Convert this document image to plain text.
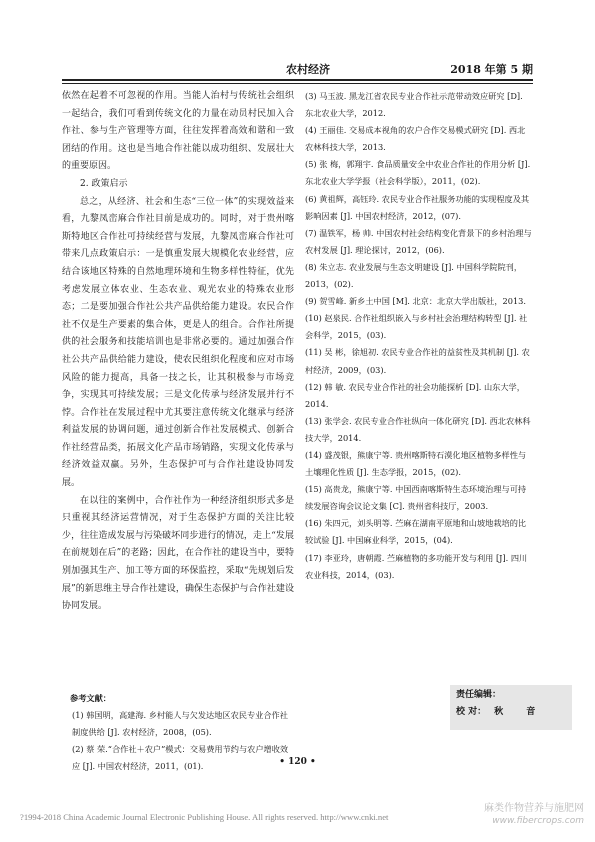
农村经济	2018 年第 5 期

依然在起着不可忽视的作用。当能人治村与传统社会组织一起结合，我们可看到传统文化的力量在动员村民加入合作社、参与生产管理等方面，往往发挥着高效和谐和一致团结的作用。这也是当地合作社能以成功组织、发展壮大的重要原因。

2. 政策启示

总之，从经济、社会和生态“三位一体”的实现效益来看，九黎凤峦麻合作社目前是成功的。同时，对于贵州喀斯特地区合作社可持续经营与发展，九黎凤峦麻合作社可带来几点政策启示：一是慎重发展大规模化农业经营，应结合该地区特殊的自然地理环境和生物多样性特征，优先考虑发展立体农业、生态农业、观光农业的特殊农业形态；二是要加强合作社公共产品供给能力建设。农民合作社不仅是生产要素的集合体，更是人的组合。合作社所提供的社会服务和技能培训也是非常必要的。通过加强合作社公共产品供给能力建设，使农民组织化程度和应对市场风险的能力提高，具备一技之长，让其积极参与市场竞争，实现其可持续发展；三是文化传承与经济发展并行不悖。合作社在发展过程中尤其要注意传统文化继承与经济利益发展的协调问题，通过创新合作社发展模式、创新合作社经营品类，拓展文化产品市场销路，实现文化传承与经济效益双赢。另外，生态保护可与合作社建设协同发展。

在以往的案例中，合作社作为一种经济组织形式多是只重视其经济运营情况，对于生态保护方面的关注比较少，往往造成发展与污染破坏同步进行的情况，走上“发展在前规划在后”的老路；因此，在合作社的建设当中，要特别加强其生产、加工等方面的环保监控，采取“先规划后发展”的新思维主导合作社建设，确保生态保护与合作社建设协同发展。

参考文献：

(1) 韩国明，高建海. 乡村能人与欠发达地区农民专业合作社制度供给 [J]. 农村经济，2008，(05).

(2) 蔡 荣.“合作社＋农户”模式：交易费用节约与农户增收效应 [J]. 中国农村经济，2011，(01).

(3) 马玉波. 黑龙江省农民专业合作社示范带动效应研究 [D]. 东北农业大学，2012.

(4) 王丽佳. 交易成本视角的农户合作交易模式研究 [D]. 西北农林科技大学，2013.

(5) 张 梅，郭翔宇. 食品质量安全中农业合作社的作用分析 [J]. 东北农业大学学报（社会科学版），2011，(02).

(6) 黄祖辉，高钰玲. 农民专业合作社服务功能的实现程度及其影响因素 [J]. 中国农村经济，2012，(07).

(7) 温铁军，杨 帅. 中国农村社会结构变化背景下的乡村治理与农村发展 [J]. 理论探讨，2012，(06).

(8) 朱立志. 农业发展与生态文明建设 [J]. 中国科学院院刊，2013，(02).

(9) 贺雪峰. 新乡土中国 [M]. 北京：北京大学出版社，2013.

(10) 赵泉民. 合作社组织嵌入与乡村社会治理结构转型 [J]. 社会科学，2015，(03).

(11) 吴 彬，徐旭初. 农民专业合作社的益贫性及其机制 [J]. 农村经济，2009，(03).

(12) 韩 敏. 农民专业合作社的社会功能探析 [D]. 山东大学，2014.

(13) 张学会. 农民专业合作社纵向一体化研究 [D]. 西北农林科技大学，2014.

(14) 盛茂银，熊康宁等. 贵州喀斯特石漠化地区植物多样性与土壤理化性质 [J]. 生态学报，2015，(02).

(15) 高贵龙，熊康宁等. 中国西南喀斯特生态环境治理与可持续发展咨询会议论文集 [C]. 贵州省科技厅，2003.

(16) 朱四元，刘头明等. 苎麻在湖南平原地和山坡地栽培的比较试验 [J]. 中国麻业科学，2015，(04).

(17) 李亚玲，唐朝霞. 苎麻植物的多功能开发与利用 [J]. 四川农业科技，2014，(03).

责任编辑：
校 对： 秋 音
• 120 •
?1994-2018 China Academic Journal Electronic Publishing House. All rights reserved. http://www.cnki.net
麻类作物营养与施肥网
www.fibercrops.com
